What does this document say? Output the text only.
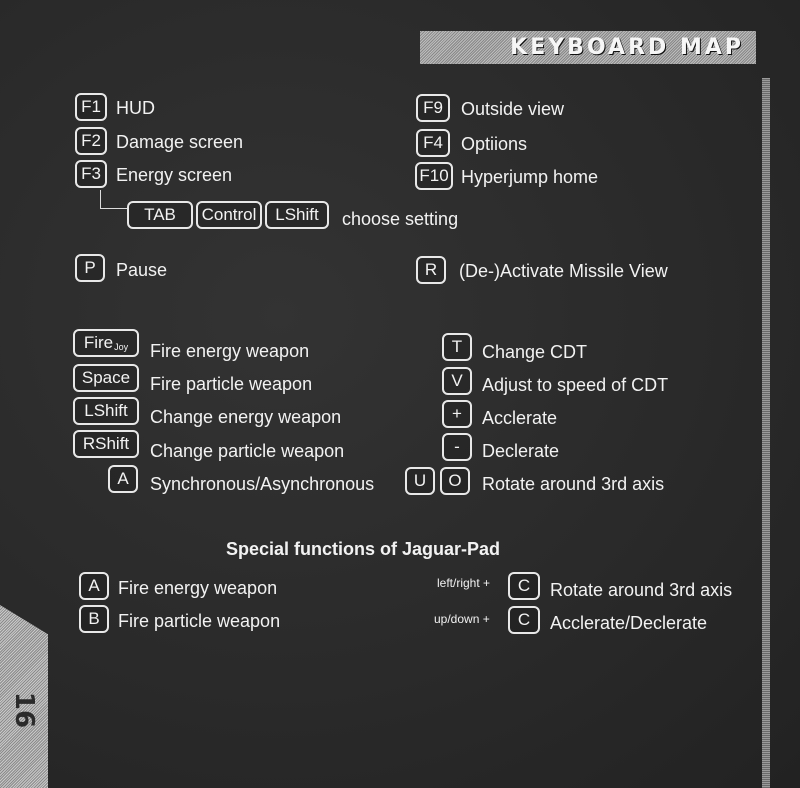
KEYBOARD MAP
16
F1 HUD
F2 Damage screen
F3 Energy screen
F9	Outside view
F4	Optiions
F10 Hyperjump home
TAB	Control	LShift	choose setting
P	Pause	R	(De-)Activate Missile View
Fire$_{Joy}$ Fire energy weapon
Space	Fire particle weapon
LShift	Change energy weapon
RShift	Change particle weapon
A	Synchronous/Asynchronous
T	Change CDT
V	Adjust to speed of CDT
+	Acclerate
-	Declerate
U	O	Rotate around 3rd axis
Special functions of Jaguar-Pad
A	Fire energy weapon
B	Fire particle weapon
left/right +	C	Rotate around 3rd axis
up/down +	C	Acclerate/Declerate
